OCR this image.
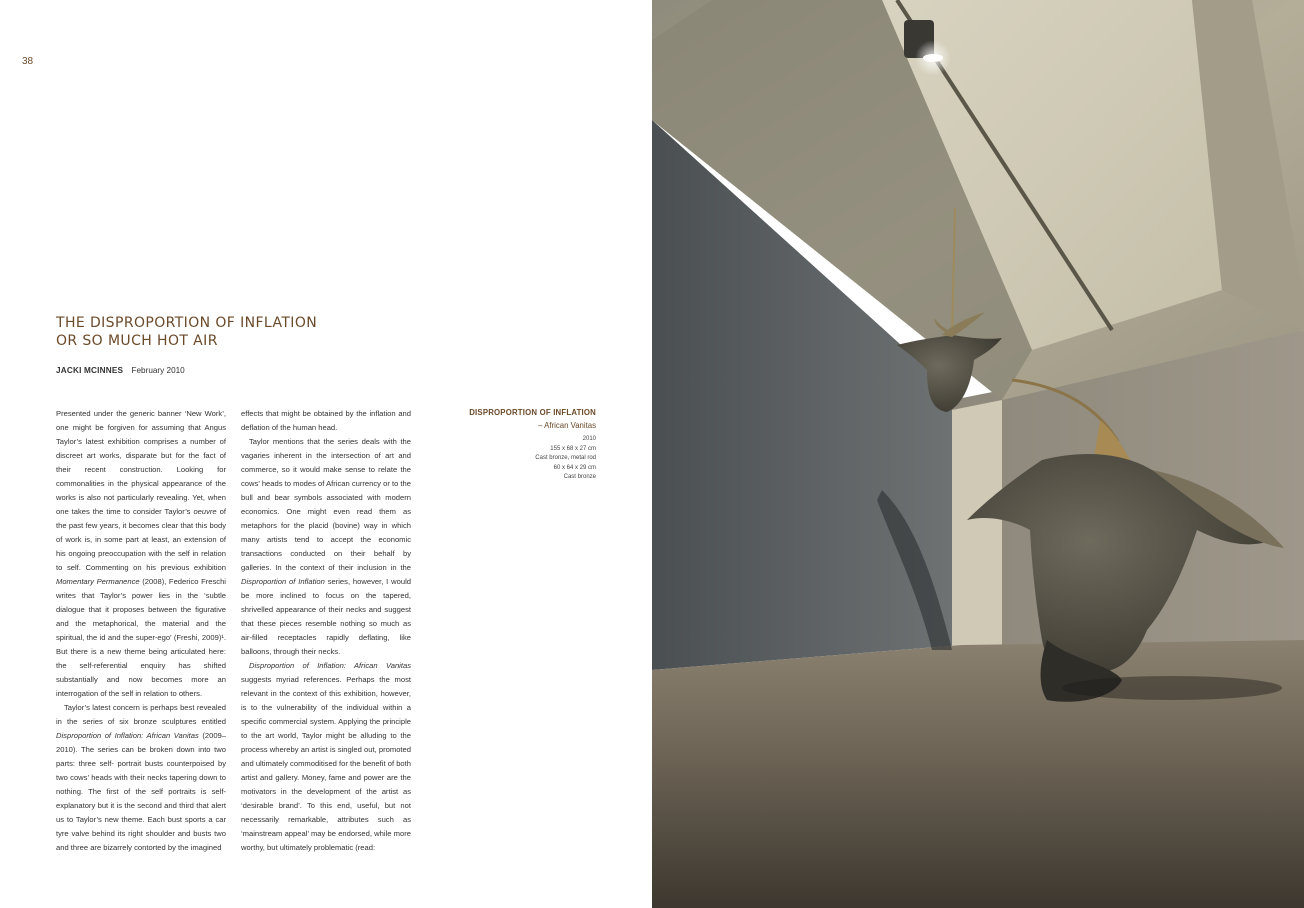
38
THE DISPROPORTION OF INFLATION
OR SO MUCH HOT AIR
JACKI MCINNES February 2010

Presented under the generic banner ‘New Work’, one might be forgiven for assuming that Angus Taylor’s latest exhibition comprises a number of discreet art works, disparate but for the fact of their recent construction. Looking for commonalities in the physical appearance of the works is also not particularly revealing. Yet, when one takes the time to consider Taylor’s oeuvre of the past few years, it becomes clear that this body of work is, in some part at least, an extension of his ongoing preoccupation with the self in relation to self. Commenting on his previous exhibition Momentary Permanence (2008), Federico Freschi writes that Taylor’s power lies in the ‘subtle dialogue that it proposes between the figurative and the metaphorical, the material and the spiritual, the id and the super-ego’ (Freshi, 2009)¹. But there is a new theme being articulated here: the self-referential enquiry has shifted substantially and now becomes more an interrogation of the self in relation to others.

Taylor’s latest concern is perhaps best revealed in the series of six bronze sculptures entitled Disproportion of Inflation: African Vanitas (2009–2010). The series can be broken down into two parts: three self- portrait busts counterpoised by two cows’ heads with their necks tapering down to nothing. The first of the self portraits is self-explanatory but it is the second and third that alert us to Taylor’s new theme. Each bust sports a car tyre valve behind its right shoulder and busts two and three are bizarrely contorted by the imagined

effects that might be obtained by the inflation and deflation of the human head.

Taylor mentions that the series deals with the vagaries inherent in the intersection of art and commerce, so it would make sense to relate the cows’ heads to modes of African currency or to the bull and bear symbols associated with modern economics. One might even read them as metaphors for the placid (bovine) way in which many artists tend to accept the economic transactions conducted on their behalf by galleries. In the context of their inclusion in the Disproportion of Inflation series, however, I would be more inclined to focus on the tapered, shrivelled appearance of their necks and suggest that these pieces resemble nothing so much as air-filled receptacles rapidly deflating, like balloons, through their necks.

Disproportion of Inflation: African Vanitas suggests myriad references. Perhaps the most relevant in the context of this exhibition, however, is to the vulnerability of the individual within a specific commercial system. Applying the principle to the art world, Taylor might be alluding to the process whereby an artist is singled out, promoted and ultimately commoditised for the benefit of both artist and gallery. Money, fame and power are the motivators in the development of the artist as ‘desirable brand’. To this end, useful, but not necessarily remarkable, attributes such as ‘mainstream appeal’ may be endorsed, while more worthy, but ultimately problematic (read:

DISPROPORTION OF INFLATION
– African Vanitas
2010
155 x 68 x 27 cm
Cast bronze, metal rod
60 x 64 x 29 cm
Cast bronze
